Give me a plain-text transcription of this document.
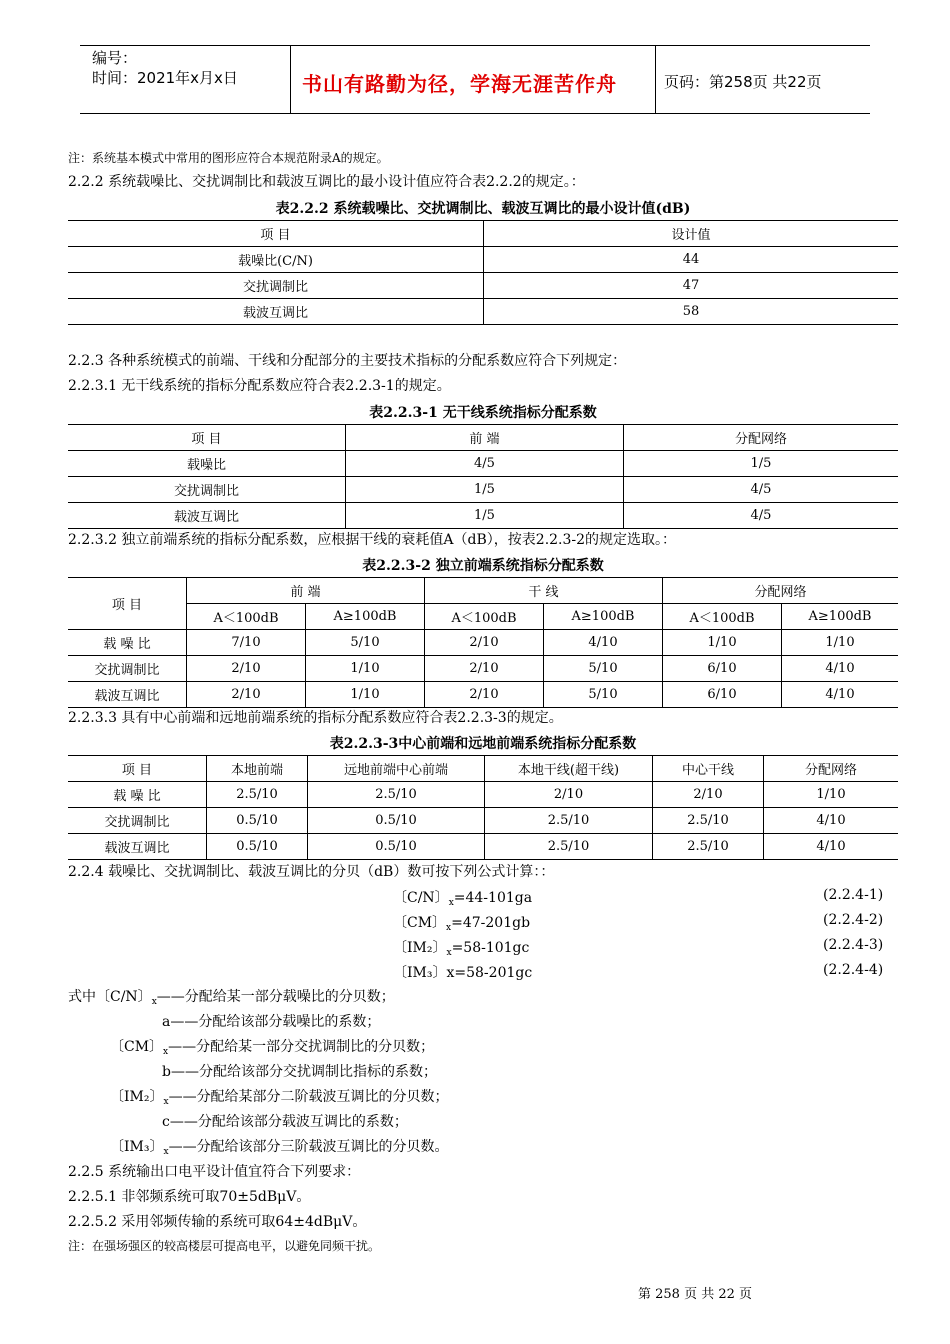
编号：
时间：2021年x月x日	书山有路勤为径，学海无涯苦作舟	页码：第258页 共22页
注：系统基本模式中常用的图形应符合本规范附录A的规定。
2.2.2 系统载噪比、交扰调制比和载波互调比的最小设计值应符合表2.2.2的规定。：
表2.2.2 系统载噪比、交扰调制比、载波互调比的最小设计值(dB)
项 目	设计值
载噪比(C/N)	44
交扰调制比	47
载波互调比	58
2.2.3 各种系统模式的前端、干线和分配部分的主要技术指标的分配系数应符合下列规定：
2.2.3.1 无干线系统的指标分配系数应符合表2.2.3-1的规定。
表2.2.3-1 无干线系统指标分配系数
项 目	前 端	分配网络
载噪比	4/5	1/5
交扰调制比	1/5	4/5
载波互调比	1/5	4/5
2.2.3.2 独立前端系统的指标分配系数，应根据干线的衰耗值A（dB），按表2.2.3-2的规定选取。：
表2.2.3-2 独立前端系统指标分配系数
项 目	前 端		干 线		分配网络	
	A＜100dB	A≥100dB	A＜100dB	A≥100dB	A＜100dB	A≥100dB
载 噪 比	7/10	5/10	2/10	4/10	1/10	1/10
交扰调制比	2/10	1/10	2/10	5/10	6/10	4/10
载波互调比	2/10	1/10	2/10	5/10	6/10	4/10
2.2.3.3 具有中心前端和远地前端系统的指标分配系数应符合表2.2.3-3的规定。
表2.2.3-3中心前端和远地前端系统指标分配系数
项 目	本地前端	远地前端中心前端	本地干线(超干线)	中心干线	分配网络
载 噪 比	2.5/10	2.5/10	2/10	2/10	1/10
交扰调制比	0.5/10	0.5/10	2.5/10	2.5/10	4/10
载波互调比	0.5/10	0.5/10	2.5/10	2.5/10	4/10
2.2.4 载噪比、交扰调制比、载波互调比的分贝（dB）数可按下列公式计算：：
〔C/N〕$_x$=44-101ga	(2.2.4-1)
〔CM〕$_x$=47-201gb	(2.2.4-2)
〔IM₂〕$_x$=58-101gc	(2.2.4-3)
〔IM₃〕x=58-201gc	(2.2.4-4)
式中〔C/N〕$_x$——分配给某一部分载噪比的分贝数；
a——分配给该部分载噪比的系数；
〔CM〕$_x$——分配给某一部分交扰调制比的分贝数；
b——分配给该部分交扰调制比指标的系数；
〔IM₂〕$_x$——分配给某部分二阶载波互调比的分贝数；
c——分配给该部分载波互调比的系数；
〔IM₃〕$_x$——分配给该部分三阶载波互调比的分贝数。
2.2.5 系统输出口电平设计值宜符合下列要求：
2.2.5.1 非邻频系统可取70±5dBμV。
2.2.5.2 采用邻频传输的系统可取64±4dBμV。
注：在强场强区的较高楼层可提高电平，以避免同频干扰。
第 258 页 共 22 页
